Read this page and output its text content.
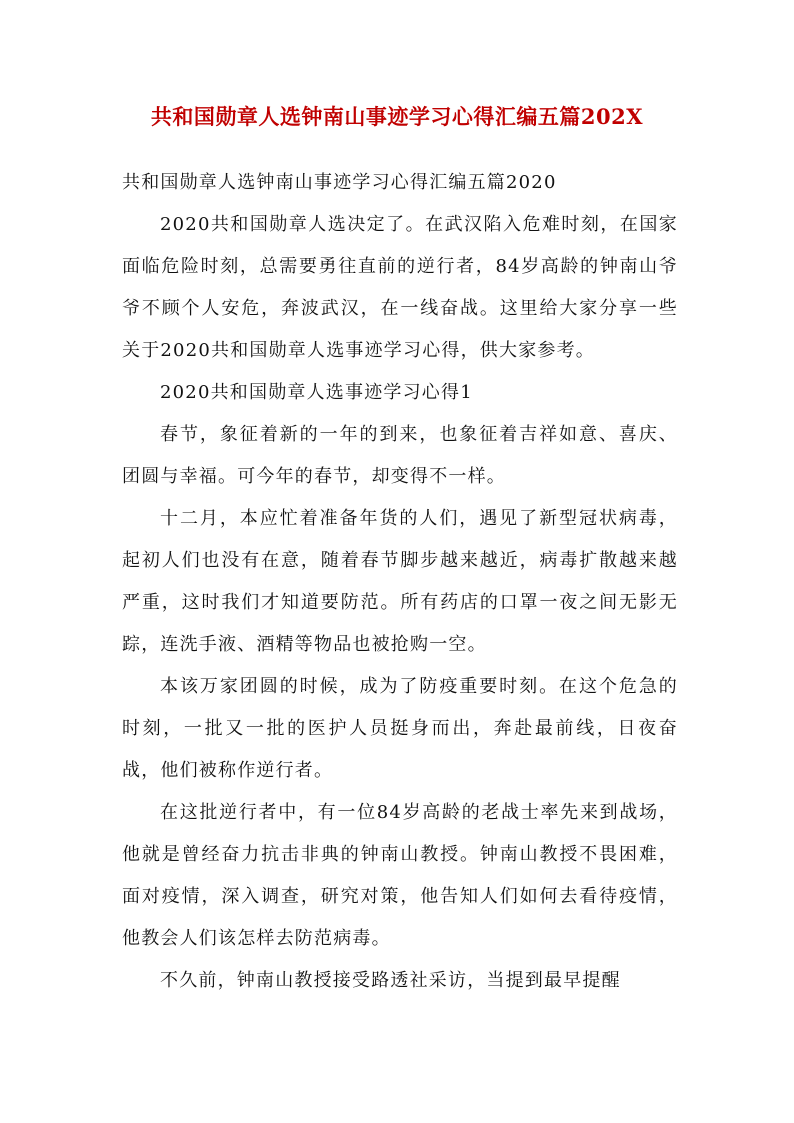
共和国勋章人选钟南山事迹学习心得汇编五篇202X

共和国勋章人选钟南山事迹学习心得汇编五篇2020

2020共和国勋章人选决定了。在武汉陷入危难时刻，在国家面临危险时刻，总需要勇往直前的逆行者，84岁高龄的钟南山爷爷不顾个人安危，奔波武汉，在一线奋战。这里给大家分享一些关于2020共和国勋章人选事迹学习心得，供大家参考。

2020共和国勋章人选事迹学习心得1

春节，象征着新的一年的到来，也象征着吉祥如意、喜庆、团圆与幸福。可今年的春节，却变得不一样。

十二月，本应忙着准备年货的人们，遇见了新型冠状病毒，起初人们也没有在意，随着春节脚步越来越近，病毒扩散越来越严重，这时我们才知道要防范。所有药店的口罩一夜之间无影无踪，连洗手液、酒精等物品也被抢购一空。

本该万家团圆的时候，成为了防疫重要时刻。在这个危急的时刻，一批又一批的医护人员挺身而出，奔赴最前线，日夜奋战，他们被称作逆行者。

在这批逆行者中，有一位84岁高龄的老战士率先来到战场，他就是曾经奋力抗击非典的钟南山教授。钟南山教授不畏困难，面对疫情，深入调查，研究对策，他告知人们如何去看待疫情，他教会人们该怎样去防范病毒。

不久前，钟南山教授接受路透社采访，当提到最早提醒
